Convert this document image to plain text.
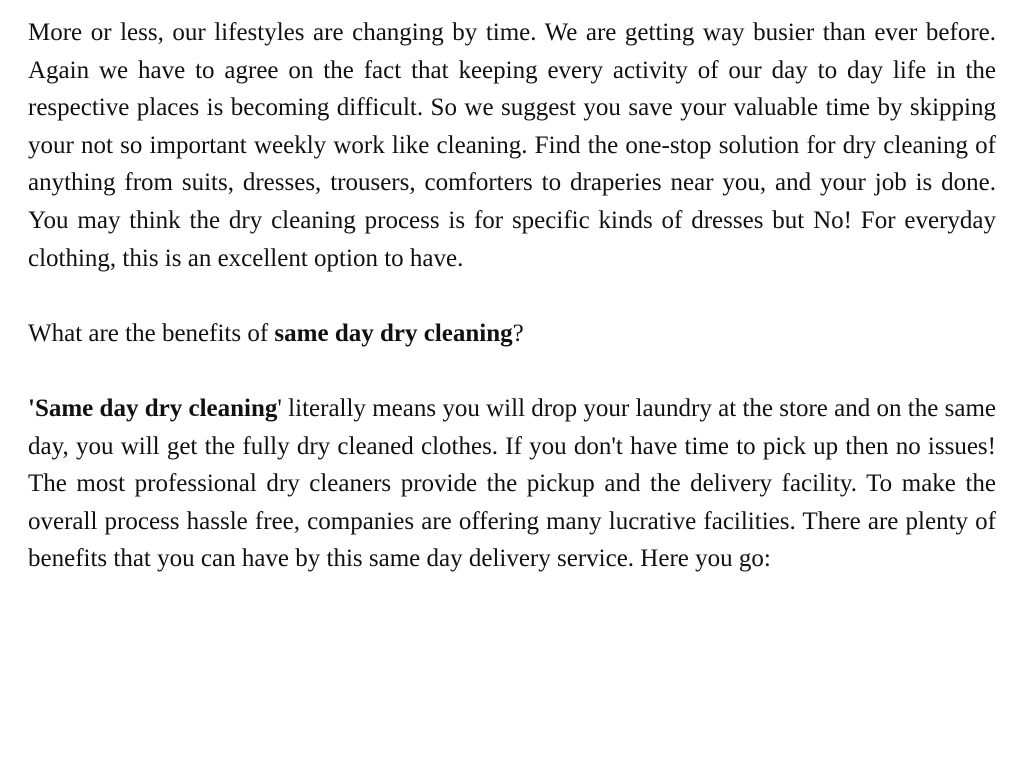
More or less, our lifestyles are changing by time. We are getting way busier than ever before. Again we have to agree on the fact that keeping every activity of our day to day life in the respective places is becoming difficult. So we suggest you save your valuable time by skipping your not so important weekly work like cleaning. Find the one-stop solution for dry cleaning of anything from suits, dresses, trousers, comforters to draperies near you, and your job is done. You may think the dry cleaning process is for specific kinds of dresses but No! For everyday clothing, this is an excellent option to have.

What are the benefits of same day dry cleaning?

'Same day dry cleaning' literally means you will drop your laundry at the store and on the same day, you will get the fully dry cleaned clothes. If you don't have time to pick up then no issues! The most professional dry cleaners provide the pickup and the delivery facility. To make the overall process hassle free, companies are offering many lucrative facilities. There are plenty of benefits that you can have by this same day delivery service. Here you go:
